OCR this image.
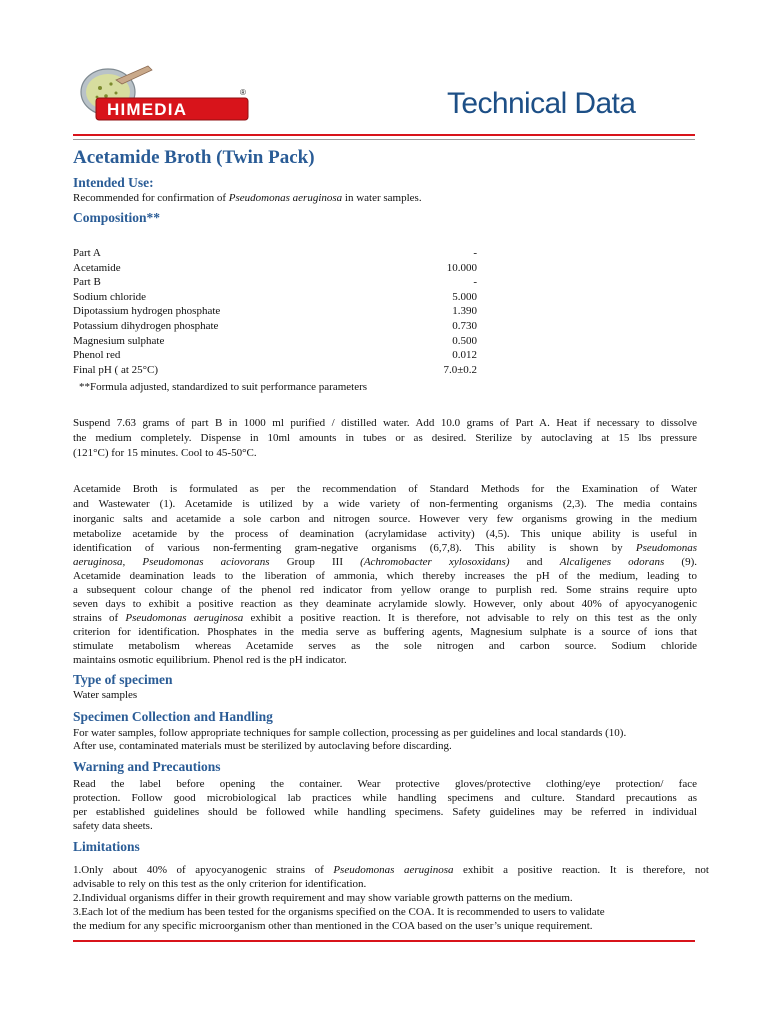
HIMEDIA
®	Technical Data
Acetamide Broth (Twin Pack)
Intended Use:
Recommended for confirmation of Pseudomonas aeruginosa in water samples.
Composition**
Part A	-
Acetamide	10.000
Part B	-
Sodium chloride	5.000
Dipotassium hydrogen phosphate	1.390
Potassium dihydrogen phosphate	0.730
Magnesium sulphate	0.500
Phenol red	0.012
Final pH ( at 25°C)	7.0±0.2
**Formula adjusted, standardized to suit performance parameters
Suspend 7.63 grams of part B in 1000 ml purified / distilled water. Add 10.0 grams of Part A. Heat if necessary to dissolve
the medium completely. Dispense in 10ml amounts in tubes or as desired. Sterilize by autoclaving at 15 lbs pressure
(121°C) for 15 minutes. Cool to 45-50°C.
Acetamide Broth is formulated as per the recommendation of Standard Methods for the Examination of Water
and Wastewater (1). Acetamide is utilized by a wide variety of non-fermenting organisms (2,3). The media contains
inorganic salts and acetamide a sole carbon and nitrogen source. However very few organisms growing in the medium
metabolize acetamide by the process of deamination (acrylamidase activity) (4,5). This unique ability is useful in
identification of various non-fermenting gram-negative organisms (6,7,8). This ability is shown by Pseudomonas
aeruginosa, Pseudomonas aciovorans Group III (Achromobacter xylosoxidans) and Alcaligenes odorans (9).
Acetamide deamination leads to the liberation of ammonia, which thereby increases the pH of the medium, leading to
a subsequent colour change of the phenol red indicator from yellow orange to purplish red. Some strains require upto
seven days to exhibit a positive reaction as they deaminate acrylamide slowly. However, only about 40% of apyocyanogenic
strains of Pseudomonas aeruginosa exhibit a positive reaction. It is therefore, not advisable to rely on this test as the only
criterion for identification. Phosphates in the media serve as buffering agents, Magnesium sulphate is a source of ions that
stimulate metabolism whereas Acetamide serves as the sole nitrogen and carbon source. Sodium chloride
maintains osmotic equilibrium. Phenol red is the pH indicator.
Type of specimen
Water samples
Specimen Collection and Handling
For water samples, follow appropriate techniques for sample collection, processing as per guidelines and local standards (10).
After use, contaminated materials must be sterilized by autoclaving before discarding.
Warning and Precautions
Read the label before opening the container. Wear protective gloves/protective clothing/eye protection/ face
protection. Follow good microbiological lab practices while handling specimens and culture. Standard precautions as
per established guidelines should be followed while handling specimens. Safety guidelines may be referred in individual
safety data sheets.
Limitations
1.Only about 40% of apyocyanogenic strains of Pseudomonas aeruginosa exhibit a positive reaction. It is therefore, not
advisable to rely on this test as the only criterion for identification.
2.Individual organisms differ in their growth requirement and may show variable growth patterns on the medium.
3.Each lot of the medium has been tested for the organisms specified on the COA. It is recommended to users to validate
the medium for any specific microorganism other than mentioned in the COA based on the user’s unique requirement.
